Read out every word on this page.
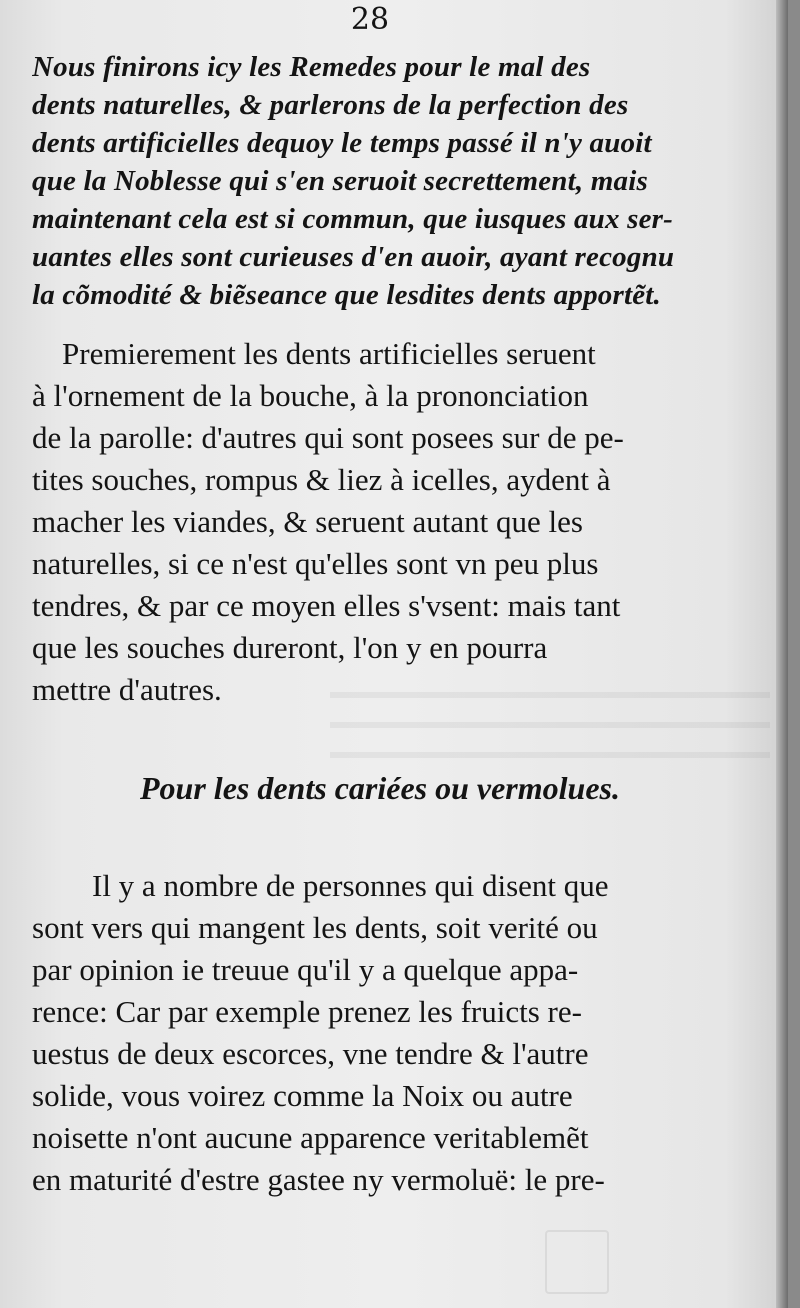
28
Nous finirons icy les Remedes pour le mal des
dents naturelles, & parlerons de la perfection des
dents artificielles dequoy le temps passé il n'y auoit
que la Noblesse qui s'en seruoit secrettement, mais
maintenant cela est si commun, que iusques aux ser-
uantes elles sont curieuses d'en auoir, ayant recognu
la cõmodité & biẽseance que lesdites dents apportẽt.
Premierement les dents artificielles seruent
à l'ornement de la bouche, à la prononciation
de la parolle: d'autres qui sont posees sur de pe-
tites souches, rompus & liez à icelles, aydent à
macher les viandes, & seruent autant que les
naturelles, si ce n'est qu'elles sont vn peu plus
tendres, & par ce moyen elles s'vsent: mais tant
que les souches dureront, l'on y en pourra
mettre d'autres.
Pour les dents cariées ou vermolues.
Il y a nombre de personnes qui disent que
sont vers qui mangent les dents, soit verité ou
par opinion ie treuue qu'il y a quelque appa-
rence: Car par exemple prenez les fruicts re-
uestus de deux escorces, vne tendre & l'autre
solide, vous voirez comme la Noix ou autre
noisette n'ont aucune apparence veritablemẽt
en maturité d'estre gastee ny vermoluë: le pre-
